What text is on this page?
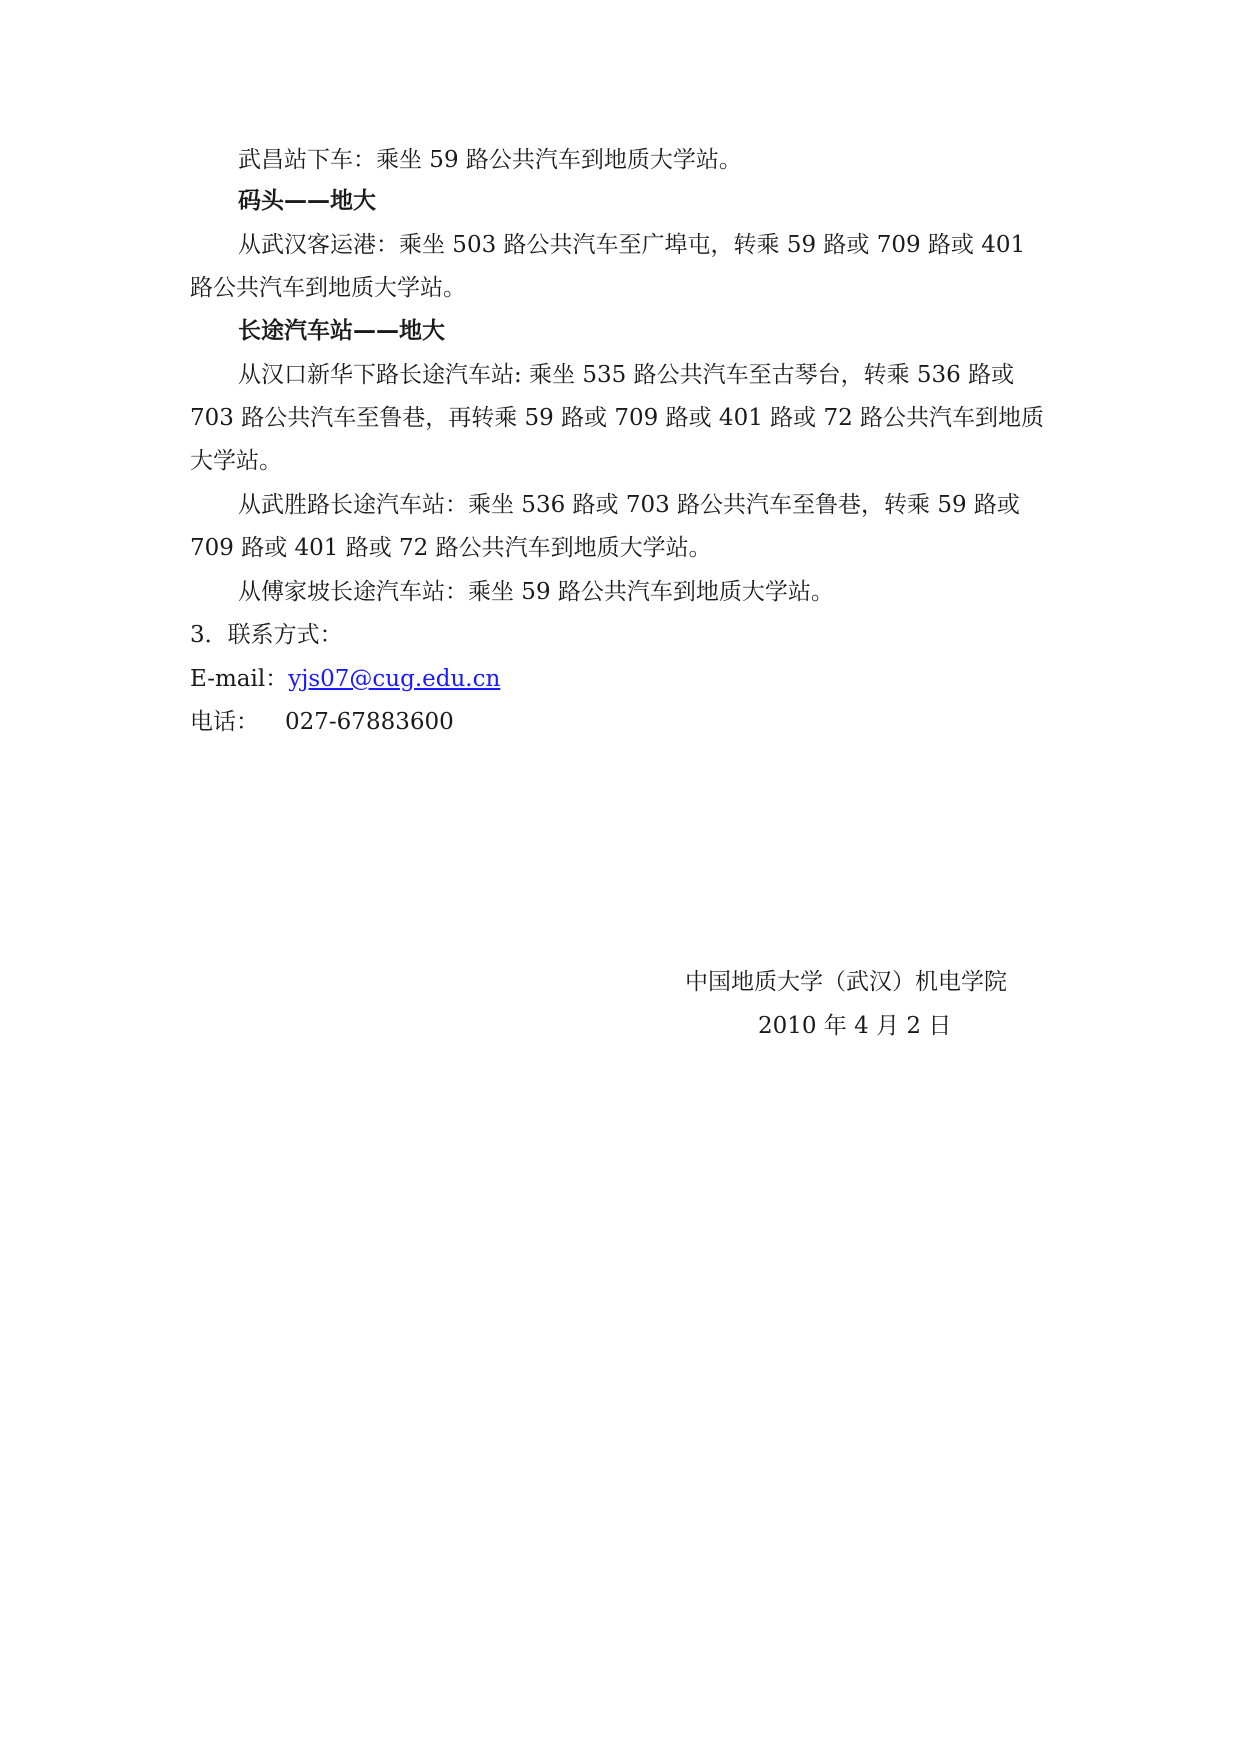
武昌站下车：乘坐 59 路公共汽车到地质大学站。
码头——地大
从武汉客运港：乘坐 503 路公共汽车至广埠屯，转乘 59 路或 709 路或 401
路公共汽车到地质大学站。
长途汽车站——地大
从汉口新华下路长途汽车站: 乘坐 535 路公共汽车至古琴台，转乘 536 路或
703 路公共汽车至鲁巷，再转乘 59 路或 709 路或 401 路或 72 路公共汽车到地质
大学站。
从武胜路长途汽车站：乘坐 536 路或 703 路公共汽车至鲁巷，转乘 59 路或
709 路或 401 路或 72 路公共汽车到地质大学站。
从傅家坡长途汽车站：乘坐 59 路公共汽车到地质大学站。
3．联系方式：
E-mail：yjs07@cug.edu.cn
电话： 027-67883600
中国地质大学（武汉）机电学院
2010 年 4 月 2 日
